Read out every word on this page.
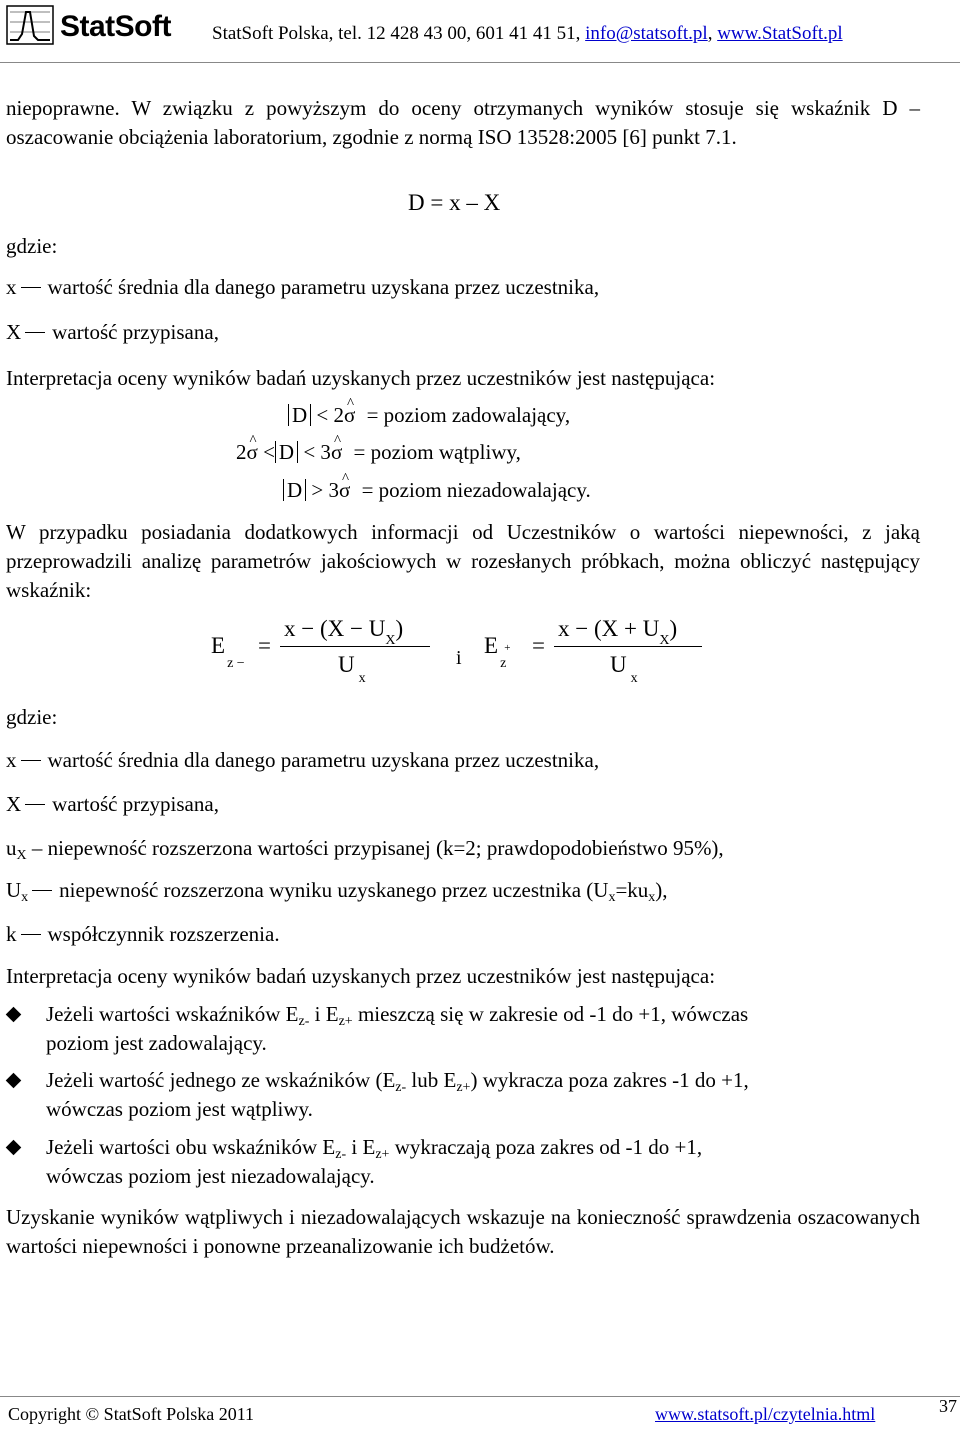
StatSoft StatSoft Polska, tel. 12 428 43 00, 601 41 41 51, info@statsoft.pl, www.StatSoft.pl
niepoprawne. W związku z powyższym do oceny otrzymanych wyników stosuje się wskaźnik D – oszacowanie obciążenia laboratorium, zgodnie z normą ISO 13528:2005 [6] punkt 7.1.
D = x – X
gdzie:
x wartość średnia dla danego parametru uzyskana przez uczestnika,
X wartość przypisana,
Interpretacja oceny wyników badań uzyskanych przez uczestników jest następująca:
D < 2^ σ = poziom zadowalający,
2^ σ < D < 3^ σ = poziom wątpliwy,
D > 3^ σ = poziom niezadowalający.
W przypadku posiadania dodatkowych informacji od Uczestników o wartości niepewności, z jaką przeprowadzili analizę parametrów jakościowych w rozesłanych próbkach, można obliczyć następujący wskaźnik:
$E_{z -}$
=
$x - (X - U_X)$
$U_x$
i $E_z+$ =
$x - (X + U_X)$
$U_x$
gdzie:
x wartość średnia dla danego parametru uzyskana przez uczestnika,
X wartość przypisana,
uX – niepewność rozszerzona wartości przypisanej (k=2; prawdopodobieństwo 95%),
Ux niepewność rozszerzona wyniku uzyskanego przez uczestnika (Ux=kux),
k współczynnik rozszerzenia.
Interpretacja oceny wyników badań uzyskanych przez uczestników jest następująca:
Jeżeli wartości wskaźników Ez- i Ez+ mieszczą się w zakresie od -1 do +1, wówczas
poziom jest zadowalający.
Jeżeli wartość jednego ze wskaźników (Ez- lub Ez+) wykracza poza zakres -1 do +1,
wówczas poziom jest wątpliwy.
Jeżeli wartości obu wskaźników Ez- i Ez+ wykraczają poza zakres od -1 do +1,
wówczas poziom jest niezadowalający.
Uzyskanie wyników wątpliwych i niezadowalających wskazuje na konieczność sprawdzenia oszacowanych wartości niepewności i ponowne przeanalizowanie ich budżetów.
Copyright © StatSoft Polska 2011	www.statsoft.pl/czytelnia.html	37
